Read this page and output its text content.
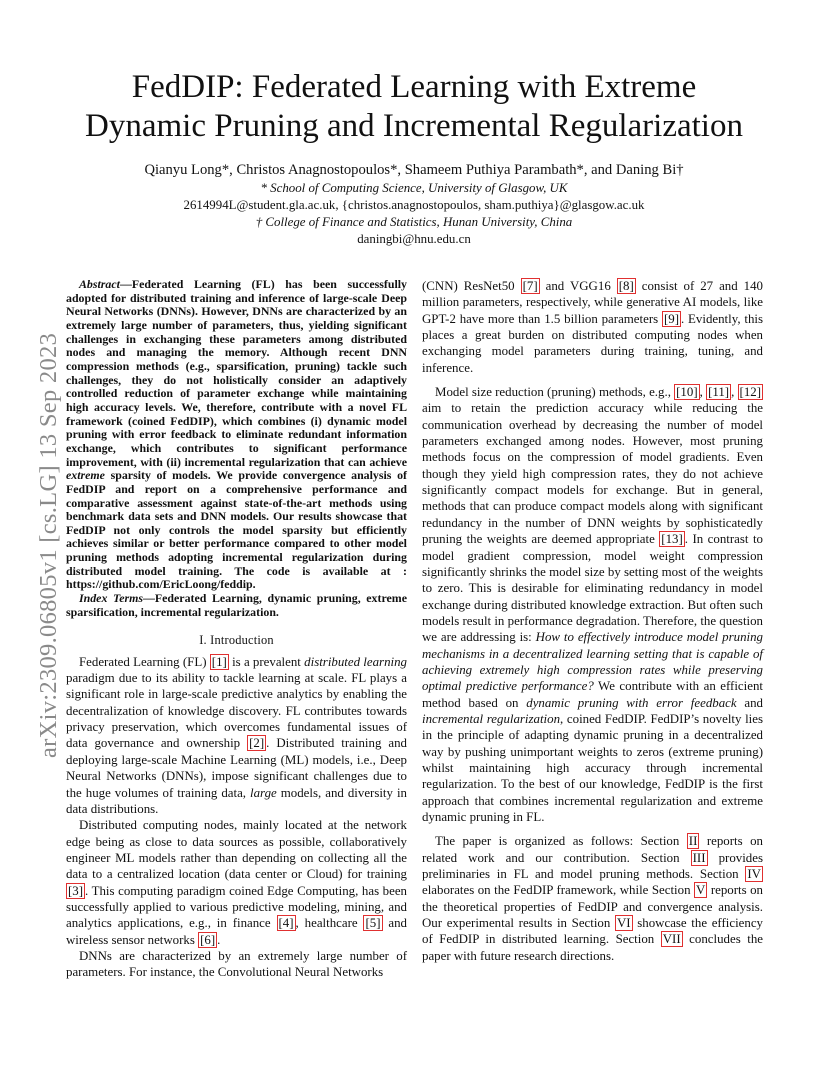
arXiv:2309.06805v1 [cs.LG] 13 Sep 2023
FedDIP: Federated Learning with Extreme
Dynamic Pruning and Incremental Regularization
Qianyu Long*, Christos Anagnostopoulos*, Shameem Puthiya Parambath*, and Daning Bi†
* School of Computing Science, University of Glasgow, UK
2614994L@student.gla.ac.uk, {christos.anagnostopoulos, sham.puthiya}@glasgow.ac.uk
† College of Finance and Statistics, Hunan University, China
daningbi@hnu.edu.cn

Abstract—Federated Learning (FL) has been successfully adopted for distributed training and inference of large-scale Deep Neural Networks (DNNs). However, DNNs are characterized by an extremely large number of parameters, thus, yielding significant challenges in exchanging these parameters among distributed nodes and managing the memory. Although recent DNN compression methods (e.g., sparsification, pruning) tackle such challenges, they do not holistically consider an adaptively controlled reduction of parameter exchange while maintaining high accuracy levels. We, therefore, contribute with a novel FL framework (coined FedDIP), which combines (i) dynamic model pruning with error feedback to eliminate redundant information exchange, which contributes to significant performance improvement, with (ii) incremental regularization that can achieve extreme sparsity of models. We provide convergence analysis of FedDIP and report on a comprehensive performance and comparative assessment against state-of-the-art methods using benchmark data sets and DNN models. Our results showcase that FedDIP not only controls the model sparsity but efficiently achieves similar or better performance compared to other model pruning methods adopting incremental regularization during distributed model training. The code is available at : https://github.com/EricLoong/feddip.

Index Terms—Federated Learning, dynamic pruning, extreme sparsification, incremental regularization.

I. Introduction

Federated Learning (FL) [1] is a prevalent distributed learning paradigm due to its ability to tackle learning at scale. FL plays a significant role in large-scale predictive analytics by enabling the decentralization of knowledge discovery. FL contributes towards privacy preservation, which overcomes fundamental issues of data governance and ownership [2] . Distributed training and deploying large-scale Machine Learning (ML) models, i.e., Deep Neural Networks (DNNs), impose significant challenges due to the huge volumes of training data, large models, and diversity in data distributions.

Distributed computing nodes, mainly located at the network edge being as close to data sources as possible, collaboratively engineer ML models rather than depending on collecting all the data to a centralized location (data center or Cloud) for training [3] . This computing paradigm coined Edge Computing, has been successfully applied to various predictive modeling, mining, and analytics applications, e.g., in finance [4] , healthcare [5] and wireless sensor networks [6] .

DNNs are characterized by an extremely large number of parameters. For instance, the Convolutional Neural Networks

(CNN) ResNet50 [7] and VGG16 [8] consist of 27 and 140 million parameters, respectively, while generative AI models, like GPT-2 have more than 1.5 billion parameters [9] . Evidently, this places a great burden on distributed computing nodes when exchanging model parameters during training, tuning, and inference.

Model size reduction (pruning) methods, e.g., [10] , [11] , [12] aim to retain the prediction accuracy while reducing the communication overhead by decreasing the number of model parameters exchanged among nodes. However, most pruning methods focus on the compression of model gradients. Even though they yield high compression rates, they do not achieve significantly compact models for exchange. But in general, methods that can produce compact models along with significant redundancy in the number of DNN weights by sophisticatedly pruning the weights are deemed appropriate [13] . In contrast to model gradient compression, model weight compression significantly shrinks the model size by setting most of the weights to zero. This is desirable for eliminating redundancy in model exchange during distributed knowledge extraction. But often such models result in performance degradation. Therefore, the question we are addressing is: How to effectively introduce model pruning mechanisms in a decentralized learning setting that is capable of achieving extremely high compression rates while preserving optimal predictive performance? We contribute with an efficient method based on dynamic pruning with error feedback and incremental regularization, coined FedDIP. FedDIP’s novelty lies in the principle of adapting dynamic pruning in a decentralized way by pushing unimportant weights to zeros (extreme pruning) whilst maintaining high accuracy through incremental regularization. To the best of our knowledge, FedDIP is the first approach that combines incremental regularization and extreme dynamic pruning in FL.

The paper is organized as follows: Section II reports on related work and our contribution. Section III provides preliminaries in FL and model pruning methods. Section IV elaborates on the FedDIP framework, while Section V reports on the theoretical properties of FedDIP and convergence analysis. Our experimental results in Section VI showcase the efficiency of FedDIP in distributed learning. Section VII concludes the paper with future research directions.
